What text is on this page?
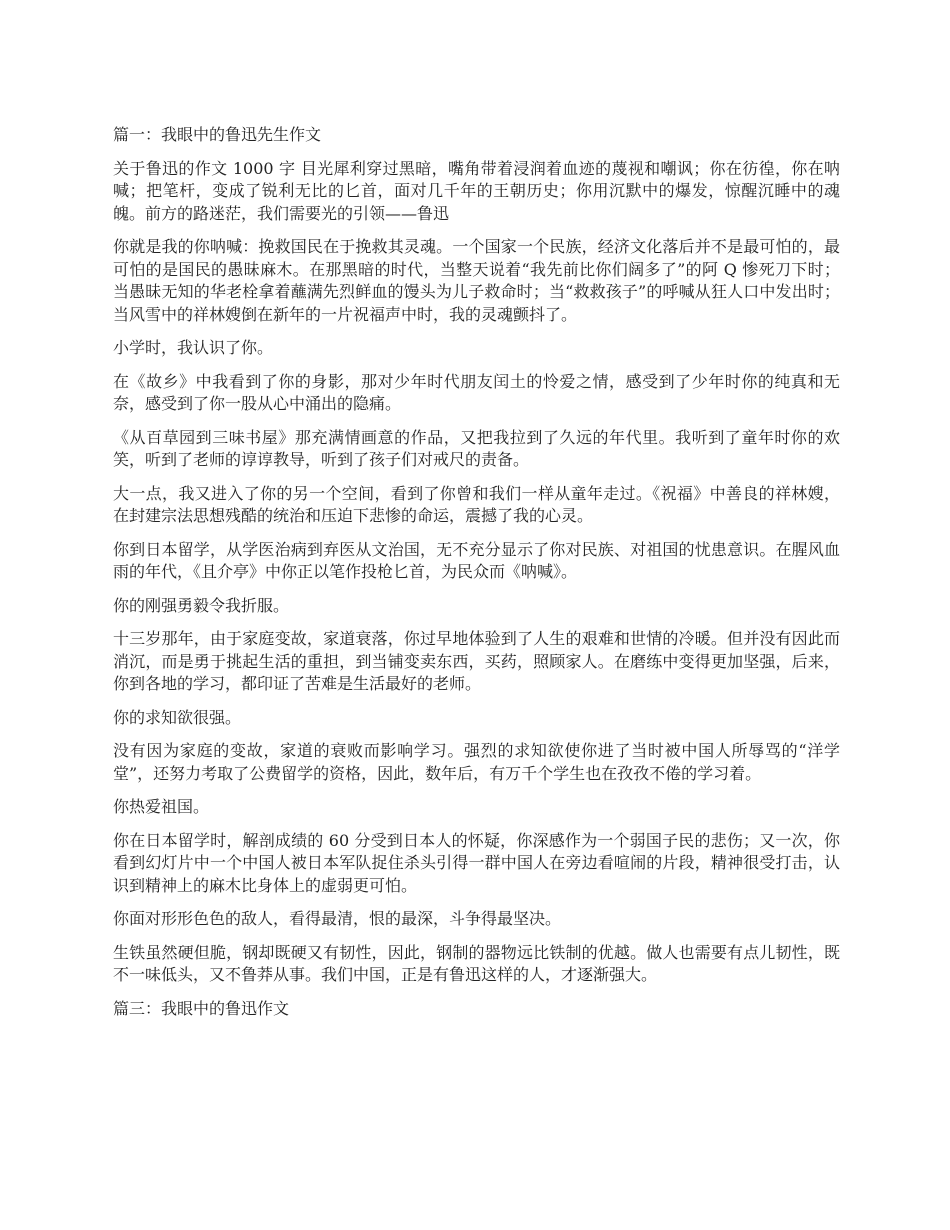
篇一：我眼中的鲁迅先生作文

关于鲁迅的作文 1000 字 目光犀利穿过黑暗，嘴角带着浸润着血迹的蔑视和嘲讽；你在彷徨，你在呐喊；把笔杆，变成了锐利无比的匕首，面对几千年的王朝历史；你用沉默中的爆发，惊醒沉睡中的魂魄。前方的路迷茫，我们需要光的引领——鲁迅

你就是我的你呐喊：挽救国民在于挽救其灵魂。一个国家一个民族，经济文化落后并不是最可怕的，最可怕的是国民的愚昧麻木。在那黑暗的时代，当整天说着“我先前比你们阔多了”的阿 Q 惨死刀下时；当愚昧无知的华老栓拿着蘸满先烈鲜血的馒头为儿子救命时；当“救救孩子”的呼喊从狂人口中发出时；当风雪中的祥林嫂倒在新年的一片祝福声中时，我的灵魂颤抖了。

小学时，我认识了你。

在《故乡》中我看到了你的身影，那对少年时代朋友闰土的怜爱之情，感受到了少年时你的纯真和无奈，感受到了你一股从心中涌出的隐痛。

《从百草园到三味书屋》那充满情画意的作品，又把我拉到了久远的年代里。我听到了童年时你的欢笑，听到了老师的谆谆教导，听到了孩子们对戒尺的责备。

大一点，我又进入了你的另一个空间，看到了你曾和我们一样从童年走过。《祝福》中善良的祥林嫂，在封建宗法思想残酷的统治和压迫下悲惨的命运，震撼了我的心灵。

你到日本留学，从学医治病到弃医从文治国，无不充分显示了你对民族、对祖国的忧患意识。在腥风血雨的年代，《且介亭》中你正以笔作投枪匕首，为民众而《呐喊》。

你的刚强勇毅令我折服。

十三岁那年，由于家庭变故，家道衰落，你过早地体验到了人生的艰难和世情的冷暖。但并没有因此而消沉，而是勇于挑起生活的重担，到当铺变卖东西，买药，照顾家人。在磨练中变得更加坚强，后来，你到各地的学习，都印证了苦难是生活最好的老师。

你的求知欲很强。

没有因为家庭的变故，家道的衰败而影响学习。强烈的求知欲使你进了当时被中国人所辱骂的“洋学堂”，还努力考取了公费留学的资格，因此，数年后，有万千个学生也在孜孜不倦的学习着。

你热爱祖国。

你在日本留学时，解剖成绩的 60 分受到日本人的怀疑，你深感作为一个弱国子民的悲伤；又一次，你看到幻灯片中一个中国人被日本军队捉住杀头引得一群中国人在旁边看喧闹的片段，精神很受打击，认识到精神上的麻木比身体上的虚弱更可怕。

你面对形形色色的敌人，看得最清，恨的最深，斗争得最坚决。

生铁虽然硬但脆，钢却既硬又有韧性，因此，钢制的器物远比铁制的优越。做人也需要有点儿韧性，既不一味低头，又不鲁莽从事。我们中国，正是有鲁迅这样的人，才逐渐强大。

篇三：我眼中的鲁迅作文
